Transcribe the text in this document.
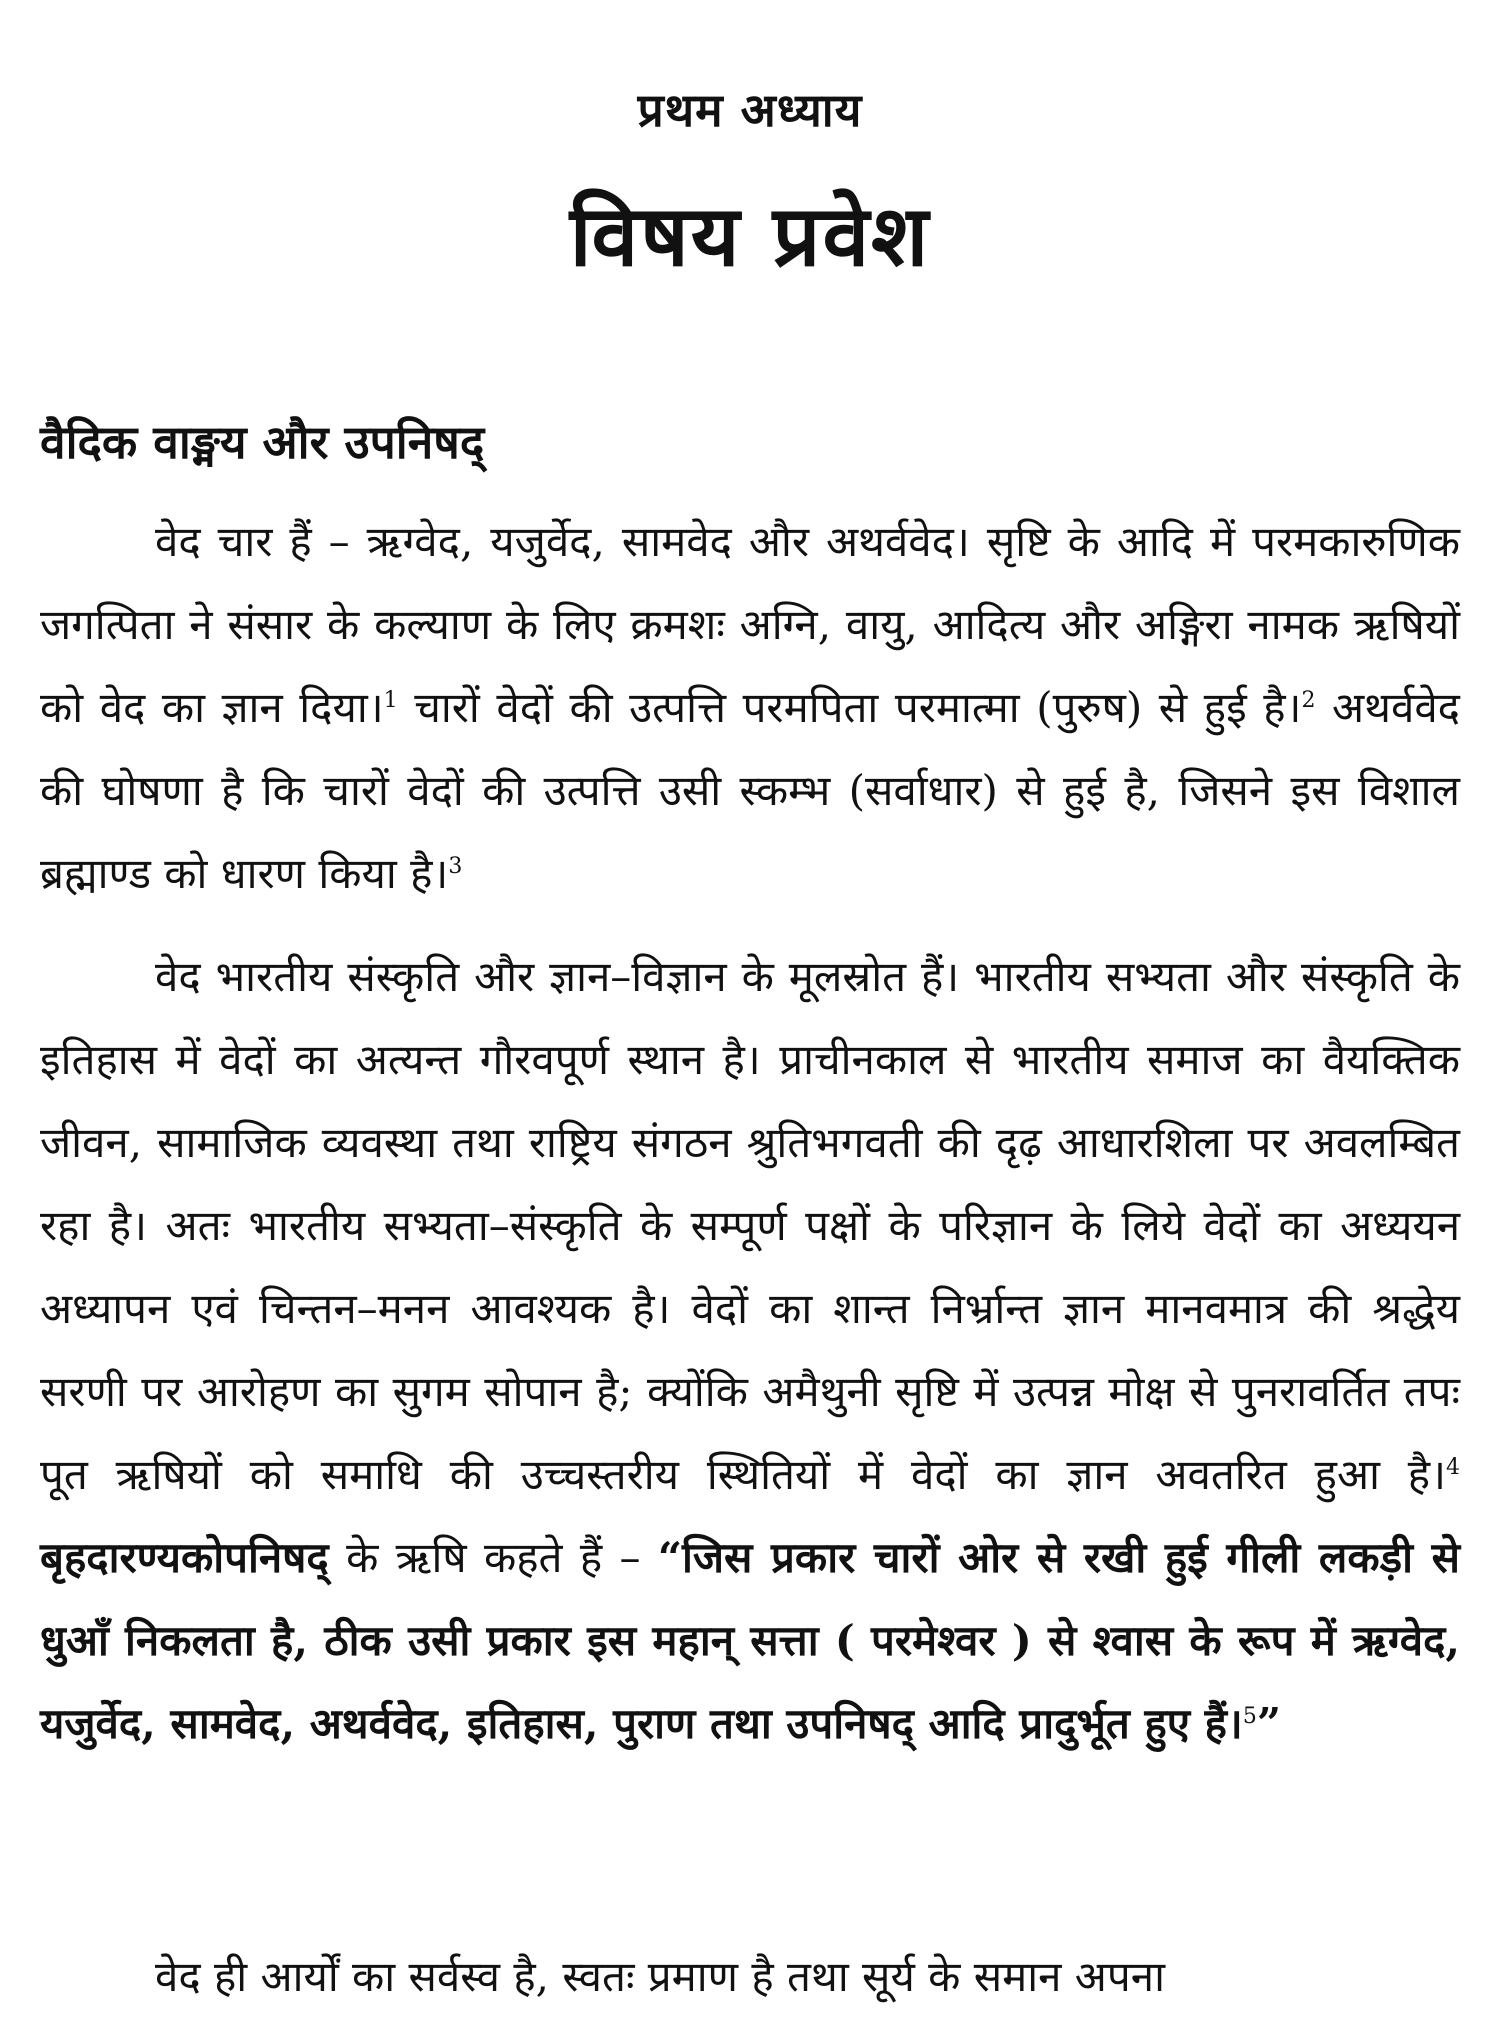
प्रथम अध्याय
विषय प्रवेश
वैदिक वाङ्मय और उपनिषद्

वेद चार हैं – ऋग्वेद, यजुर्वेद, सामवेद और अथर्ववेद। सृष्टि के आदि में परमकारुणिक जगत्पिता ने संसार के कल्याण के लिए क्रमशः अग्नि, वायु, आदित्य और अङ्गिरा नामक ऋषियों को वेद का ज्ञान दिया।$^1$ चारों वेदों की उत्पत्ति परमपिता परमात्मा (पुरुष) से हुई है।$^2$ अथर्ववेद की घोषणा है कि चारों वेदों की उत्पत्ति उसी स्कम्भ (सर्वाधार) से हुई है, जिसने इस विशाल ब्रह्माण्ड को धारण किया है।$^3$

वेद भारतीय संस्कृति और ज्ञान–विज्ञान के मूलस्रोत हैं। भारतीय सभ्यता और संस्कृति के इतिहास में वेदों का अत्यन्त गौरवपूर्ण स्थान है। प्राचीनकाल से भारतीय समाज का वैयक्तिक जीवन, सामाजिक व्यवस्था तथा राष्ट्रिय संगठन श्रुतिभगवती की दृढ़ आधारशिला पर अवलम्बित रहा है। अतः भारतीय सभ्यता–संस्कृति के सम्पूर्ण पक्षों के परिज्ञान के लिये वेदों का अध्ययन अध्यापन एवं चिन्तन–मनन आवश्यक है। वेदों का शान्त निर्भ्रान्त ज्ञान मानवमात्र की श्रद्धेय सरणी पर आरोहण का सुगम सोपान है; क्योंकि अमैथुनी सृष्टि में उत्पन्न मोक्ष से पुनरावर्तित तपः पूत ऋषियों को समाधि की उच्चस्तरीय स्थितियों में वेदों का ज्ञान अवतरित हुआ है।$^4$ बृहदारण्यकोपनिषद् के ऋषि कहते हैं – “जिस प्रकार चारों ओर से रखी हुई गीली लकड़ी से धुआँ निकलता है, ठीक उसी प्रकार इस महान् सत्ता ( परमेश्वर ) से श्वास के रूप में ऋग्वेद, यजुर्वेद, सामवेद, अथर्ववेद, इतिहास, पुराण तथा उपनिषद् आदि प्रादुर्भूत हुए हैं।$^5$”

वेद ही आर्यों का सर्वस्व है, स्वतः प्रमाण है तथा सूर्य के समान अपना
